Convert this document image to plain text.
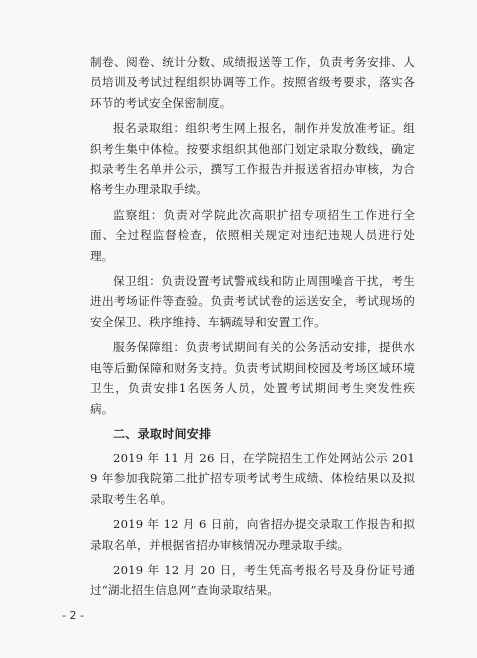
制卷、阅卷、统计分数、成绩报送等工作，负责考务安排、人员培训及考试过程组织协调等工作。按照省级考要求，落实各环节的考试安全保密制度。

报名录取组：组织考生网上报名，制作并发放准考证。组织考生集中体检。按要求组织其他部门划定录取分数线，确定拟录考生名单并公示，撰写工作报告并报送省招办审核，为合格考生办理录取手续。

监察组：负责对学院此次高职扩招专项招生工作进行全面、全过程监督检查，依照相关规定对违纪违规人员进行处理。

保卫组：负责设置考试警戒线和防止周围噪音干扰，考生进出考场证件等查验。负责考试试卷的运送安全，考试现场的安全保卫、秩序维持、车辆疏导和安置工作。

服务保障组：负责考试期间有关的公务活动安排，提供水电等后勤保障和财务支持。负责考试期间校园及考场区域环境卫生，负责安排1名医务人员，处置考试期间考生突发性疾病。

二、录取时间安排

2019 年 11 月 26 日，在学院招生工作处网站公示 2019 年参加我院第二批扩招专项考试考生成绩、体检结果以及拟录取考生名单。

2019 年 12 月 6 日前，向省招办提交录取工作报告和拟录取名单，并根据省招办审核情况办理录取手续。

2019 年 12 月 20 日，考生凭高考报名号及身份证号通过“湖北招生信息网”查询录取结果。

- 2 -
